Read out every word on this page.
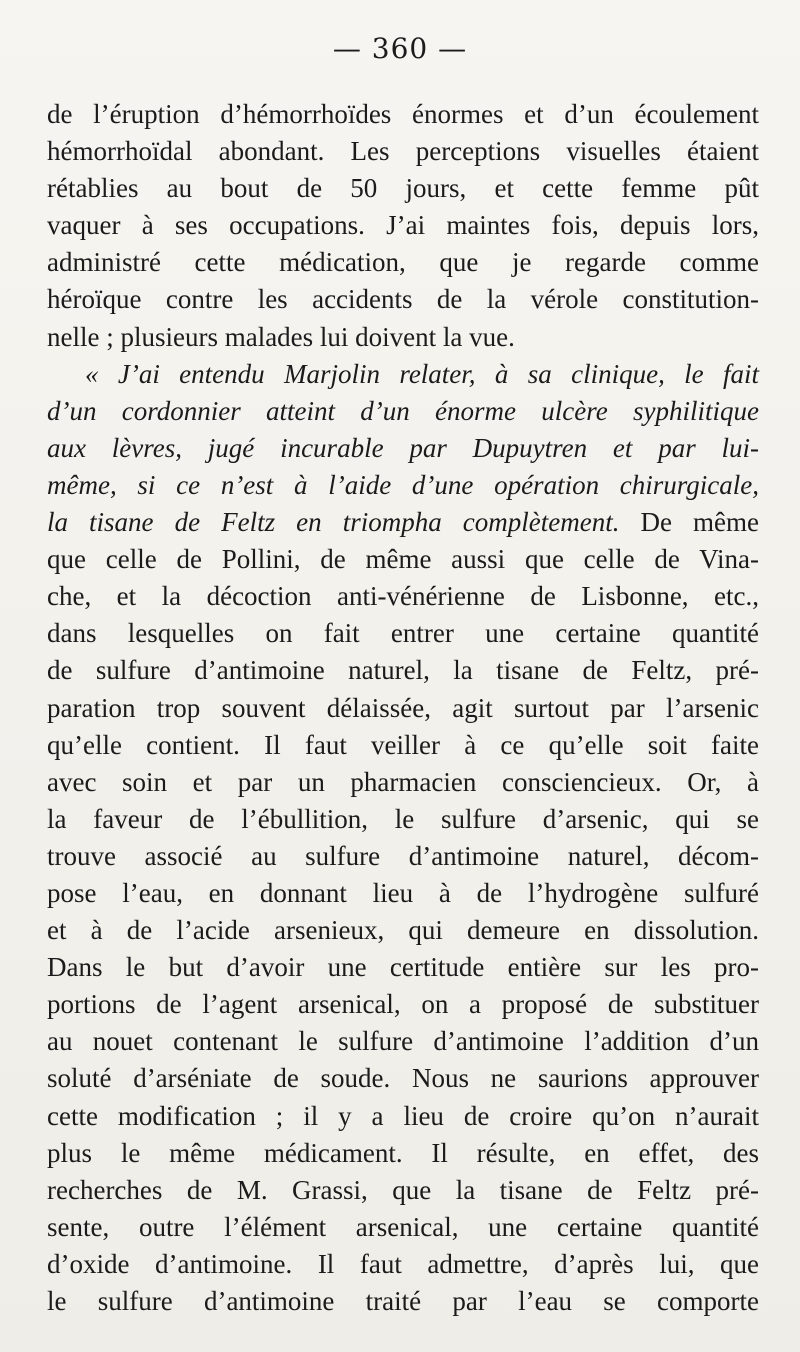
— 360 —
de l’éruption d’hémorrhoïdes énormes et d’un écoulement
hémorrhoïdal abondant. Les perceptions visuelles étaient
rétablies au bout de 50 jours, et cette femme pût
vaquer à ses occupations. J’ai maintes fois, depuis lors,
administré cette médication, que je regarde comme
héroïque contre les accidents de la vérole constitution-
nelle ; plusieurs malades lui doivent la vue.
« J’ai entendu Marjolin relater, à sa clinique, le fait
d’un cordonnier atteint d’un énorme ulcère syphilitique
aux lèvres, jugé incurable par Dupuytren et par lui-
même, si ce n’est à l’aide d’une opération chirurgicale,
la tisane de Feltz en triompha complètement. De même
que celle de Pollini, de même aussi que celle de Vina-
che, et la décoction anti-vénérienne de Lisbonne, etc.,
dans lesquelles on fait entrer une certaine quantité
de sulfure d’antimoine naturel, la tisane de Feltz, pré-
paration trop souvent délaissée, agit surtout par l’arsenic
qu’elle contient. Il faut veiller à ce qu’elle soit faite
avec soin et par un pharmacien consciencieux. Or, à
la faveur de l’ébullition, le sulfure d’arsenic, qui se
trouve associé au sulfure d’antimoine naturel, décom-
pose l’eau, en donnant lieu à de l’hydrogène sulfuré
et à de l’acide arsenieux, qui demeure en dissolution.
Dans le but d’avoir une certitude entière sur les pro-
portions de l’agent arsenical, on a proposé de substituer
au nouet contenant le sulfure d’antimoine l’addition d’un
soluté d’arséniate de soude. Nous ne saurions approuver
cette modification ; il y a lieu de croire qu’on n’aurait
plus le même médicament. Il résulte, en effet, des
recherches de M. Grassi, que la tisane de Feltz pré-
sente, outre l’élément arsenical, une certaine quantité
d’oxide d’antimoine. Il faut admettre, d’après lui, que
le sulfure d’antimoine traité par l’eau se comporte
